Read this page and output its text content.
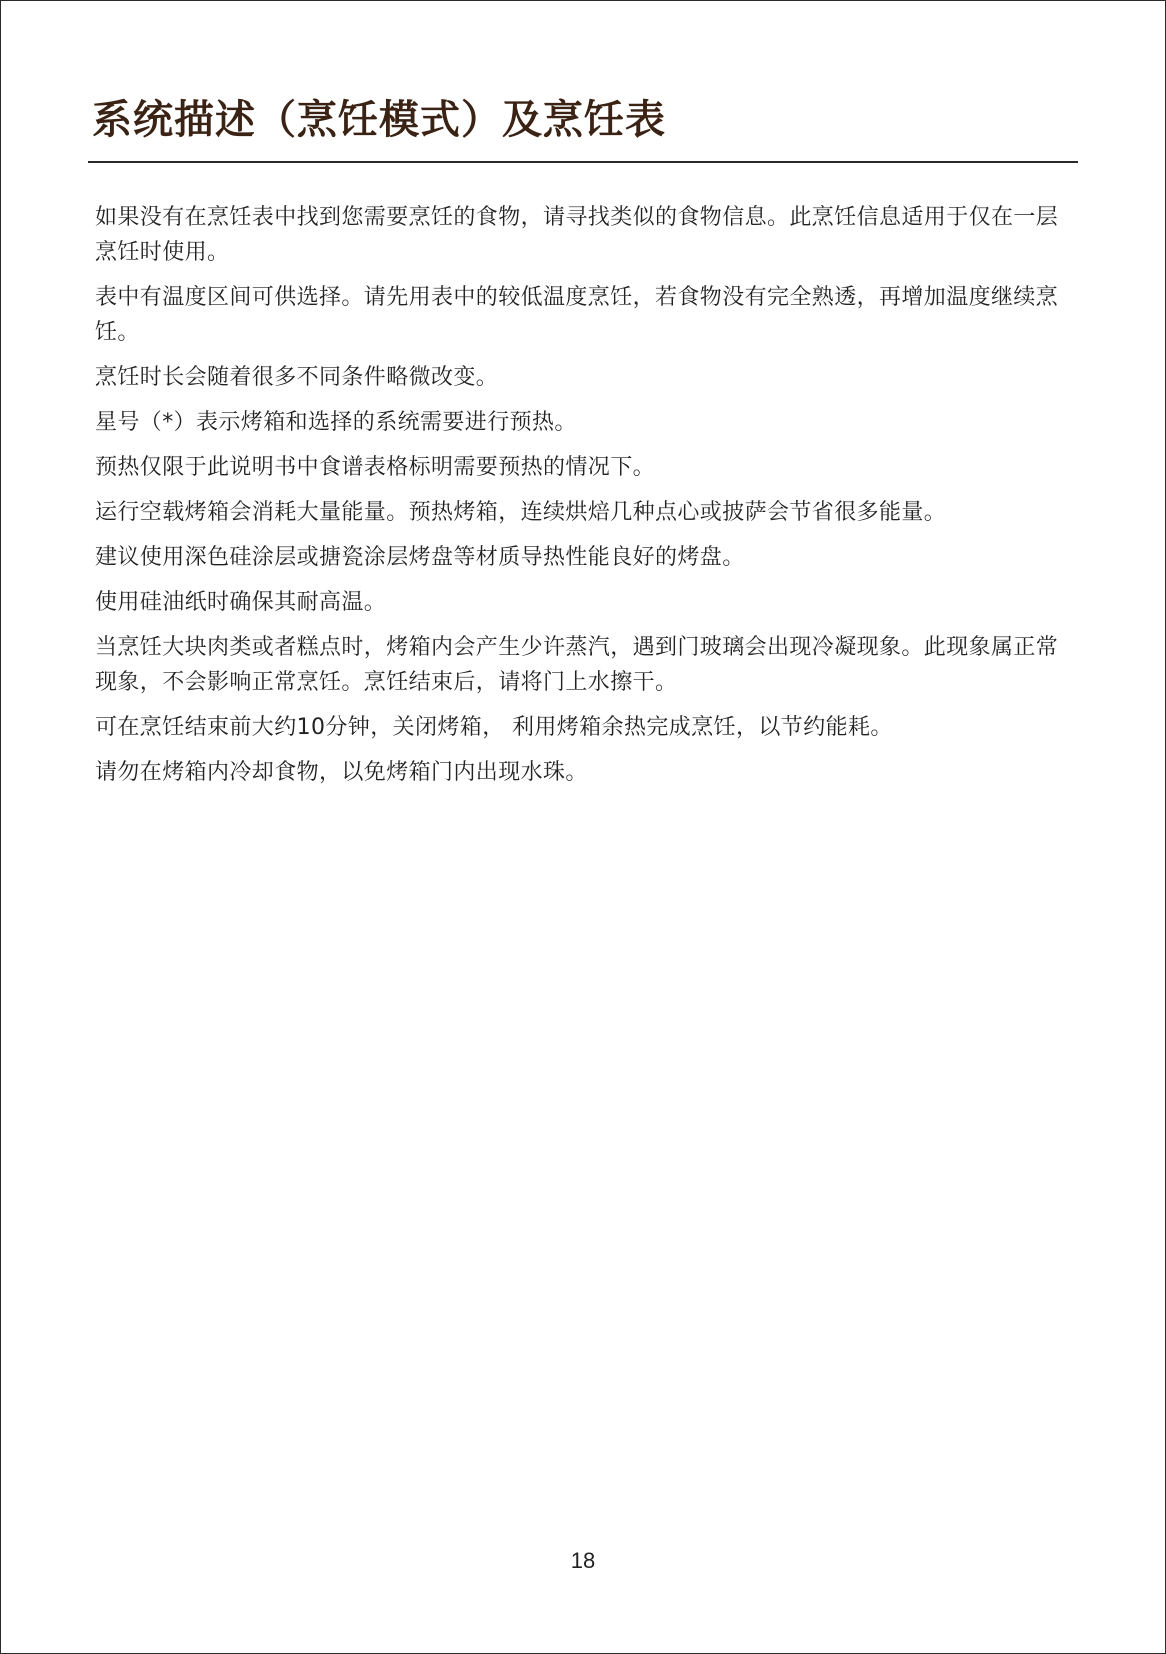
系统描述（烹饪模式）及烹饪表

如果没有在烹饪表中找到您需要烹饪的食物，请寻找类似的食物信息。此烹饪信息适用于仅在一层烹饪时使用。

表中有温度区间可供选择。请先用表中的较低温度烹饪，若食物没有完全熟透，再增加温度继续烹饪。

烹饪时长会随着很多不同条件略微改变。

星号（*）表示烤箱和选择的系统需要进行预热。

预热仅限于此说明书中食谱表格标明需要预热的情况下。

运行空载烤箱会消耗大量能量。预热烤箱，连续烘焙几种点心或披萨会节省很多能量。

建议使用深色硅涂层或搪瓷涂层烤盘等材质导热性能良好的烤盘。

使用硅油纸时确保其耐高温。

当烹饪大块肉类或者糕点时，烤箱内会产生少许蒸汽，遇到门玻璃会出现冷凝现象。此现象属正常现象，不会影响正常烹饪。烹饪结束后，请将门上水擦干。

可在烹饪结束前大约10分钟，关闭烤箱， 利用烤箱余热完成烹饪，以节约能耗。

请勿在烤箱内冷却食物，以免烤箱门内出现水珠。

18
